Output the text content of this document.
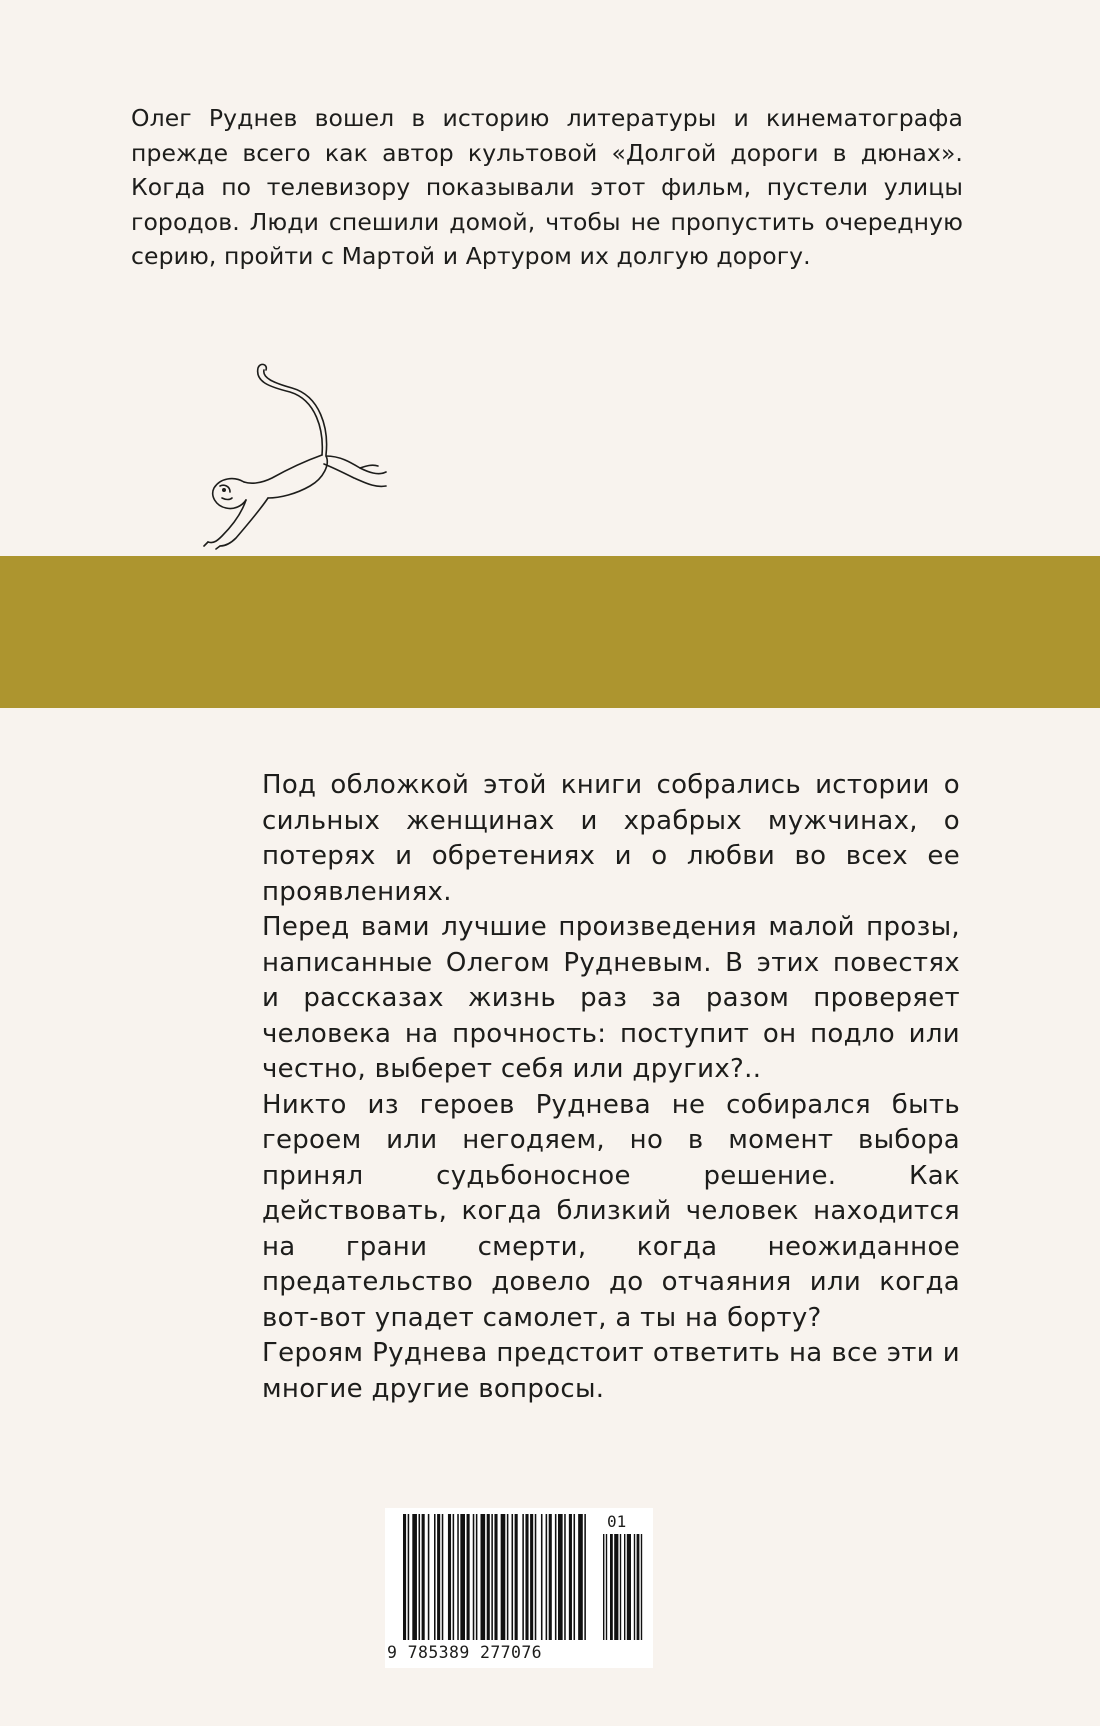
Олег Руднев вошел в историю литературы и кинематографа прежде всего как автор культовой «Долгой дороги в дюнах». Когда по телевизору показывали этот фильм, пустели улицы городов. Люди спешили домой, чтобы не пропустить очередную серию, пройти с Мартой и Артуром их долгую дорогу.

Под обложкой этой книги собрались истории о сильных женщинах и храбрых мужчинах, о потерях и обретениях и о любви во всех ее проявлениях.

Перед вами лучшие произведения малой прозы, написанные Олегом Рудневым. В этих повестях и рассказах жизнь раз за разом проверяет человека на прочность: поступит он подло или честно, выберет себя или других?..

Никто из героев Руднева не собирался быть героем или негодяем, но в момент выбора принял судьбоносное решение. Как действовать, когда близкий человек находится на грани смерти, когда неожиданное предательство довело до отчаяния или когда вот-вот упадет самолет, а ты на борту?

Героям Руднева предстоит ответить на все эти и многие другие вопросы.

01
9 785389 277076
